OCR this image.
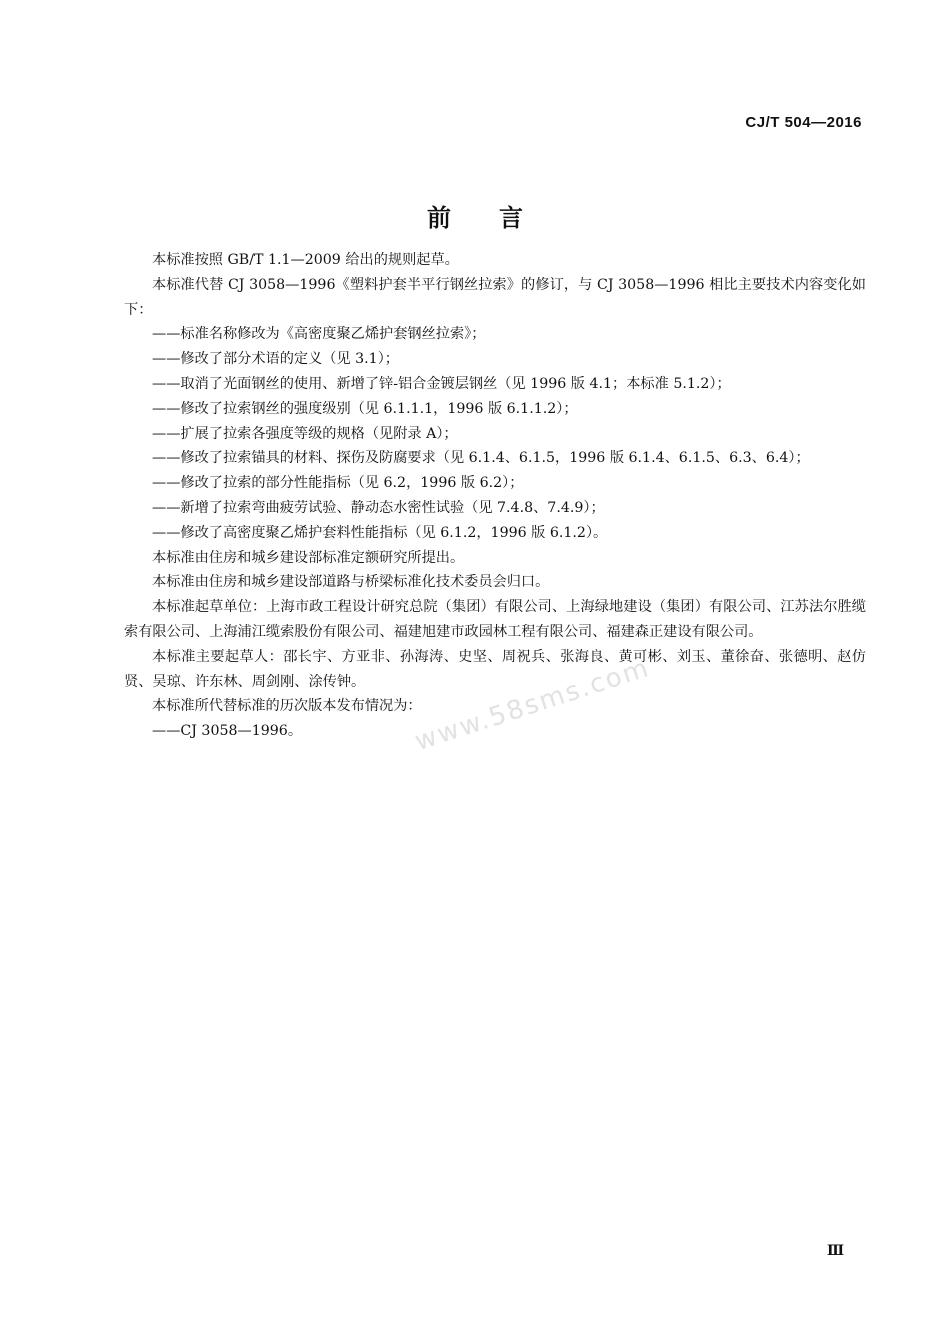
CJ/T 504—2016
前言

本标准按照 GB/T 1.1—2009 给出的规则起草。

本标准代替 CJ 3058—1996《塑料护套半平行钢丝拉索》的修订，与 CJ 3058—1996 相比主要技术内容变化如下：

——标准名称修改为《高密度聚乙烯护套钢丝拉索》；

——修改了部分术语的定义（见 3.1）；

——取消了光面钢丝的使用、新增了锌-铝合金镀层钢丝（见 1996 版 4.1；本标准 5.1.2）；

——修改了拉索钢丝的强度级别（见 6.1.1.1，1996 版 6.1.1.2）；

——扩展了拉索各强度等级的规格（见附录 A）；

——修改了拉索锚具的材料、探伤及防腐要求（见 6.1.4、6.1.5，1996 版 6.1.4、6.1.5、6.3、6.4）；

——修改了拉索的部分性能指标（见 6.2，1996 版 6.2）；

——新增了拉索弯曲疲劳试验、静动态水密性试验（见 7.4.8、7.4.9）；

——修改了高密度聚乙烯护套料性能指标（见 6.1.2，1996 版 6.1.2）。

本标准由住房和城乡建设部标准定额研究所提出。

本标准由住房和城乡建设部道路与桥梁标准化技术委员会归口。

本标准起草单位：上海市政工程设计研究总院（集团）有限公司、上海绿地建设（集团）有限公司、江苏法尔胜缆索有限公司、上海浦江缆索股份有限公司、福建旭建市政园林工程有限公司、福建森正建设有限公司。

本标准主要起草人：邵长宇、方亚非、孙海涛、史坚、周祝兵、张海良、黄可彬、刘玉、董徐奋、张德明、赵仿贤、吴琼、许东林、周剑刚、涂传钟。

本标准所代替标准的历次版本发布情况为：

——CJ 3058—1996。	www.58sms.com
Ⅲ
